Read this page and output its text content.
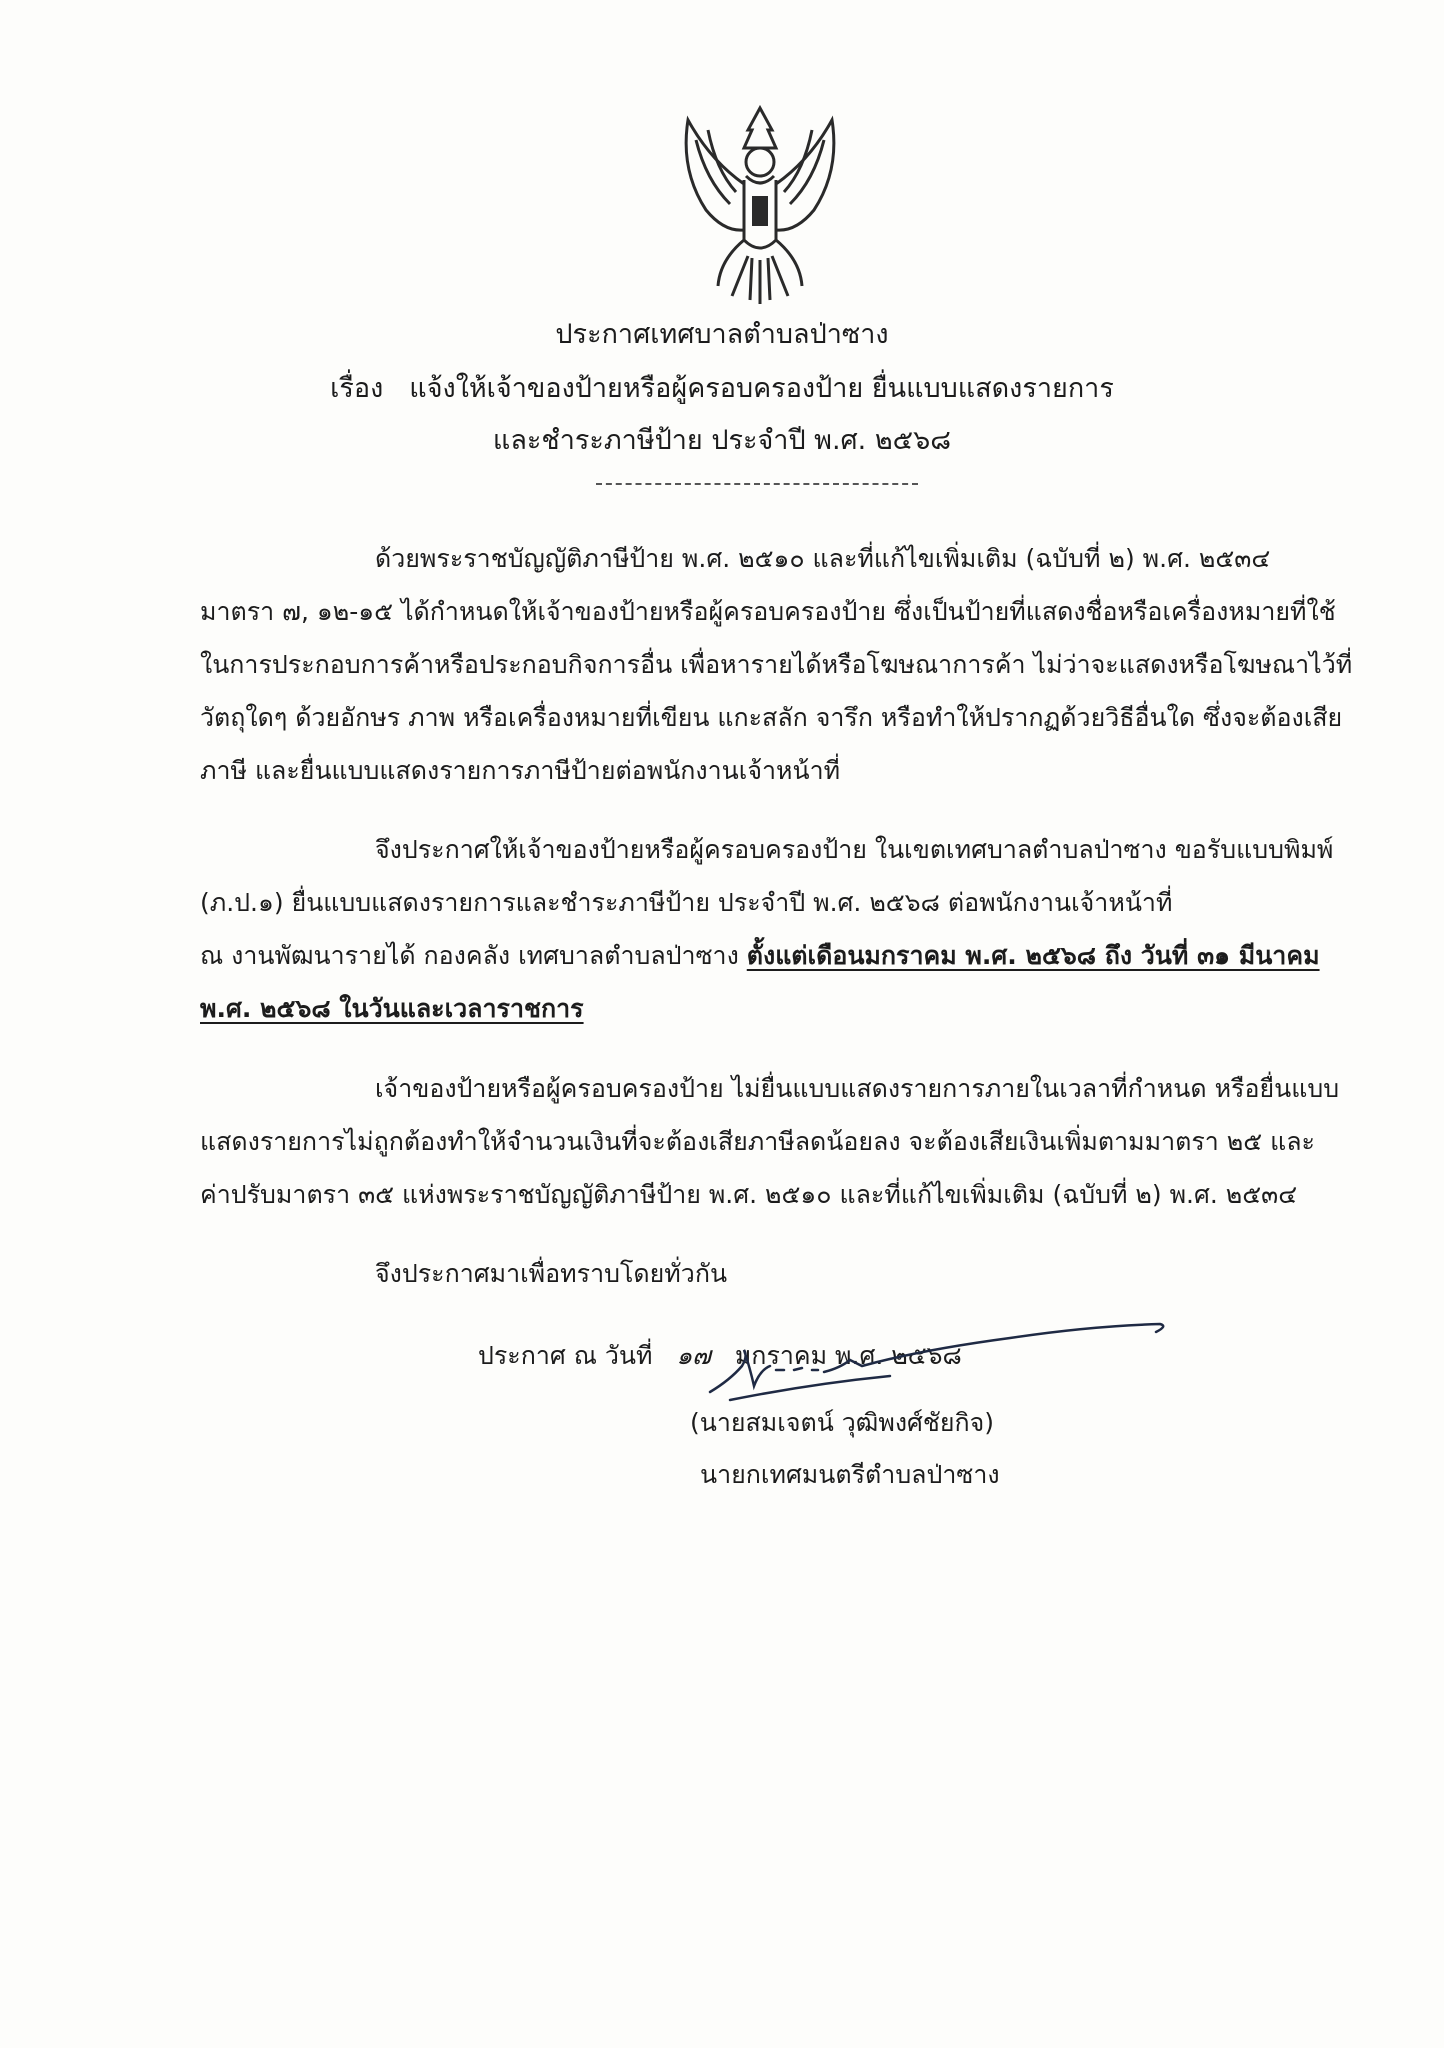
ประกาศเทศบาลตำบลป่าซาง
เรื่อง แจ้งให้เจ้าของป้ายหรือผู้ครอบครองป้าย ยื่นแบบแสดงรายการ
และชำระภาษีป้าย ประจำปี พ.ศ. ๒๕๖๘
ด้วยพระราชบัญญัติภาษีป้าย พ.ศ. ๒๕๑๐ และที่แก้ไขเพิ่มเติม (ฉบับที่ ๒) พ.ศ. ๒๕๓๔
มาตรา ๗, ๑๒-๑๕ ได้กำหนดให้เจ้าของป้ายหรือผู้ครอบครองป้าย ซึ่งเป็นป้ายที่แสดงชื่อหรือเครื่องหมายที่ใช้
ในการประกอบการค้าหรือประกอบกิจการอื่น เพื่อหารายได้หรือโฆษณาการค้า ไม่ว่าจะแสดงหรือโฆษณาไว้ที่
วัตถุใดๆ ด้วยอักษร ภาพ หรือเครื่องหมายที่เขียน แกะสลัก จารึก หรือทำให้ปรากฏด้วยวิธีอื่นใด ซึ่งจะต้องเสีย
ภาษี และยื่นแบบแสดงรายการภาษีป้ายต่อพนักงานเจ้าหน้าที่
จึงประกาศให้เจ้าของป้ายหรือผู้ครอบครองป้าย ในเขตเทศบาลตำบลป่าซาง ขอรับแบบพิมพ์
(ภ.ป.๑) ยื่นแบบแสดงรายการและชำระภาษีป้าย ประจำปี พ.ศ. ๒๕๖๘ ต่อพนักงานเจ้าหน้าที่
ณ งานพัฒนารายได้ กองคลัง เทศบาลตำบลป่าซาง ตั้งแต่เดือนมกราคม พ.ศ. ๒๕๖๘ ถึง วันที่ ๓๑ มีนาคม
พ.ศ. ๒๕๖๘ ในวันและเวลาราชการ
เจ้าของป้ายหรือผู้ครอบครองป้าย ไม่ยื่นแบบแสดงรายการภายในเวลาที่กำหนด หรือยื่นแบบ
แสดงรายการไม่ถูกต้องทำให้จำนวนเงินที่จะต้องเสียภาษีลดน้อยลง จะต้องเสียเงินเพิ่มตามมาตรา ๒๕ และ
ค่าปรับมาตรา ๓๕ แห่งพระราชบัญญัติภาษีป้าย พ.ศ. ๒๕๑๐ และที่แก้ไขเพิ่มเติม (ฉบับที่ ๒) พ.ศ. ๒๕๓๔
จึงประกาศมาเพื่อทราบโดยทั่วกัน
ประกาศ ณ วันที่ ๑๗ มกราคม พ.ศ. ๒๕๖๘
(นายสมเจตน์ วุฒิพงศ์ชัยกิจ)
นายกเทศมนตรีตำบลป่าซาง
